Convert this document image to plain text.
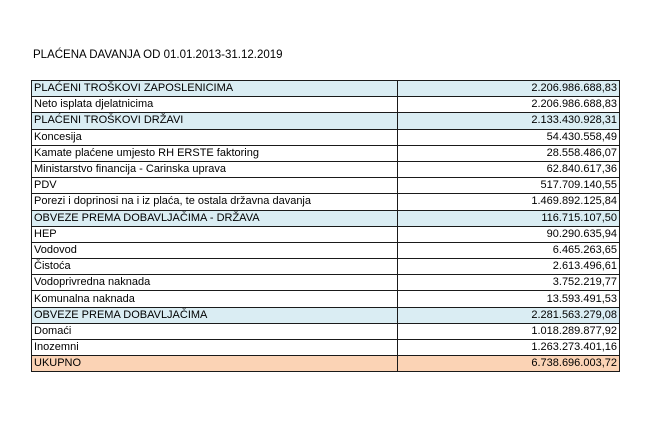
PLAĆENA DAVANJA OD 01.01.2013-31.12.2019
PLAĆENI TROŠKOVI ZAPOSLENICIMA	2.206.986.688,83
Neto isplata djelatnicima	2.206.986.688,83
PLAĆENI TROŠKOVI DRŽAVI	2.133.430.928,31
Koncesija	54.430.558,49
Kamate plaćene umjesto RH ERSTE faktoring	28.558.486,07
Ministarstvo financija - Carinska uprava	62.840.617,36
PDV	517.709.140,55
Porezi i doprinosi na i iz plaća, te ostala državna davanja	1.469.892.125,84
OBVEZE PREMA DOBAVLJAČIMA - DRŽAVA	116.715.107,50
HEP	90.290.635,94
Vodovod	6.465.263,65
Čistoća	2.613.496,61
Vodoprivredna naknada	3.752.219,77
Komunalna naknada	13.593.491,53
OBVEZE PREMA DOBAVLJAČIMA	2.281.563.279,08
Domaći	1.018.289.877,92
Inozemni	1.263.273.401,16
UKUPNO	6.738.696.003,72
